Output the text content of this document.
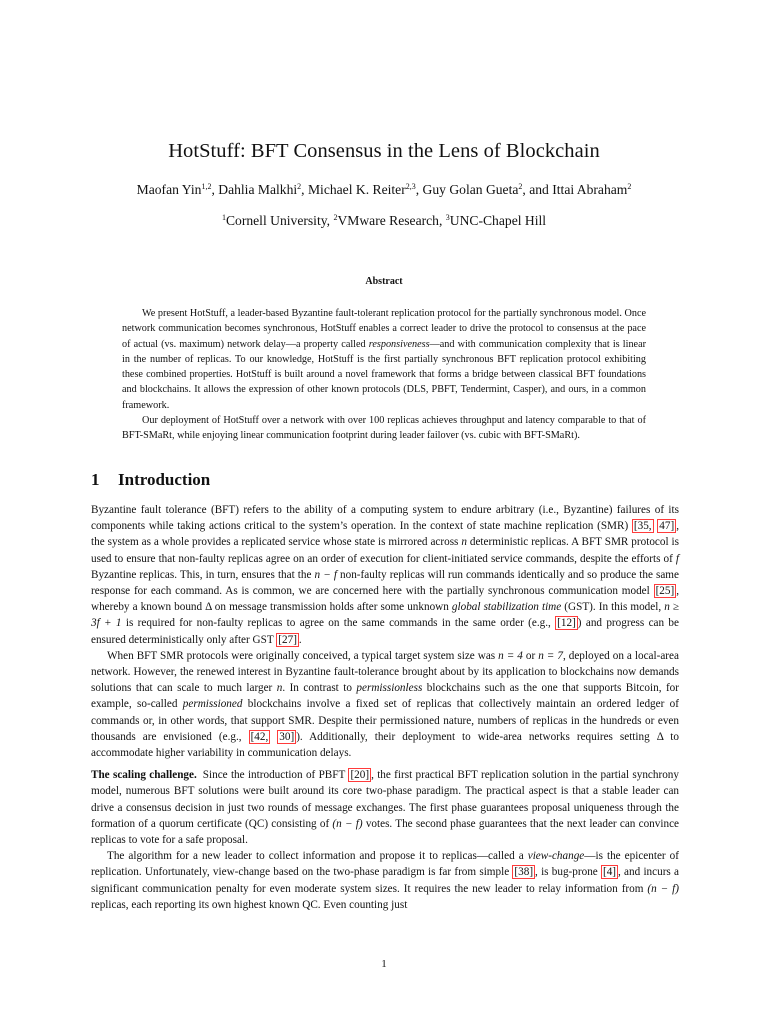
HotStuff: BFT Consensus in the Lens of Blockchain
Maofan Yin$^{1,2}$, Dahlia Malkhi$^2$, Michael K. Reiter$^{2,3}$, Guy Golan Gueta$^2$, and Ittai Abraham$^2$
$^1$Cornell University, $^2$VMware Research, $^3$UNC-Chapel Hill
Abstract

We present HotStuff, a leader-based Byzantine fault-tolerant replication protocol for the partially synchronous model. Once network communication becomes synchronous, HotStuff enables a correct leader to drive the protocol to consensus at the pace of actual (vs. maximum) network delay—a property called responsiveness—and with communication complexity that is linear in the number of replicas. To our knowledge, HotStuff is the first partially synchronous BFT replication protocol exhibiting these combined properties. HotStuff is built around a novel framework that forms a bridge between classical BFT foundations and blockchains. It allows the expression of other known protocols (DLS, PBFT, Tendermint, Casper), and ours, in a common framework.

Our deployment of HotStuff over a network with over 100 replicas achieves throughput and latency comparable to that of BFT-SMaRt, while enjoying linear communication footprint during leader failover (vs. cubic with BFT-SMaRt).

1 Introduction

Byzantine fault tolerance (BFT) refers to the ability of a computing system to endure arbitrary (i.e., Byzantine) failures of its components while taking actions critical to the system’s operation. In the context of state machine replication (SMR) [35, 47] , the system as a whole provides a replicated service whose state is mirrored across n deterministic replicas. A BFT SMR protocol is used to ensure that non-faulty replicas agree on an order of execution for client-initiated service commands, despite the efforts of f Byzantine replicas. This, in turn, ensures that the n − f non-faulty replicas will run commands identically and so produce the same response for each command. As is common, we are concerned here with the partially synchronous communication model [25] , whereby a known bound Δ on message transmission holds after some unknown global stabilization time (GST). In this model, n ≥ 3f + 1 is required for non-faulty replicas to agree on the same commands in the same order (e.g., [12] ) and progress can be ensured deterministically only after GST [27] .

When BFT SMR protocols were originally conceived, a typical target system size was n = 4 or n = 7, deployed on a local-area network. However, the renewed interest in Byzantine fault-tolerance brought about by its application to blockchains now demands solutions that can scale to much larger n. In contrast to permissionless blockchains such as the one that supports Bitcoin, for example, so-called permissioned blockchains involve a fixed set of replicas that collectively maintain an ordered ledger of commands or, in other words, that support SMR. Despite their permissioned nature, numbers of replicas in the hundreds or even thousands are envisioned (e.g., [42, 30] ). Additionally, their deployment to wide-area networks requires setting Δ to accommodate higher variability in communication delays.

The scaling challenge. Since the introduction of PBFT [20] , the first practical BFT replication solution in the partial synchrony model, numerous BFT solutions were built around its core two-phase paradigm. The practical aspect is that a stable leader can drive a consensus decision in just two rounds of message exchanges. The first phase guarantees proposal uniqueness through the formation of a quorum certificate (QC) consisting of (n − f) votes. The second phase guarantees that the next leader can convince replicas to vote for a safe proposal.

The algorithm for a new leader to collect information and propose it to replicas—called a view-change—is the epicenter of replication. Unfortunately, view-change based on the two-phase paradigm is far from simple [38] , is bug-prone [4] , and incurs a significant communication penalty for even moderate system sizes. It requires the new leader to relay information from (n − f) replicas, each reporting its own highest known QC. Even counting just

1
